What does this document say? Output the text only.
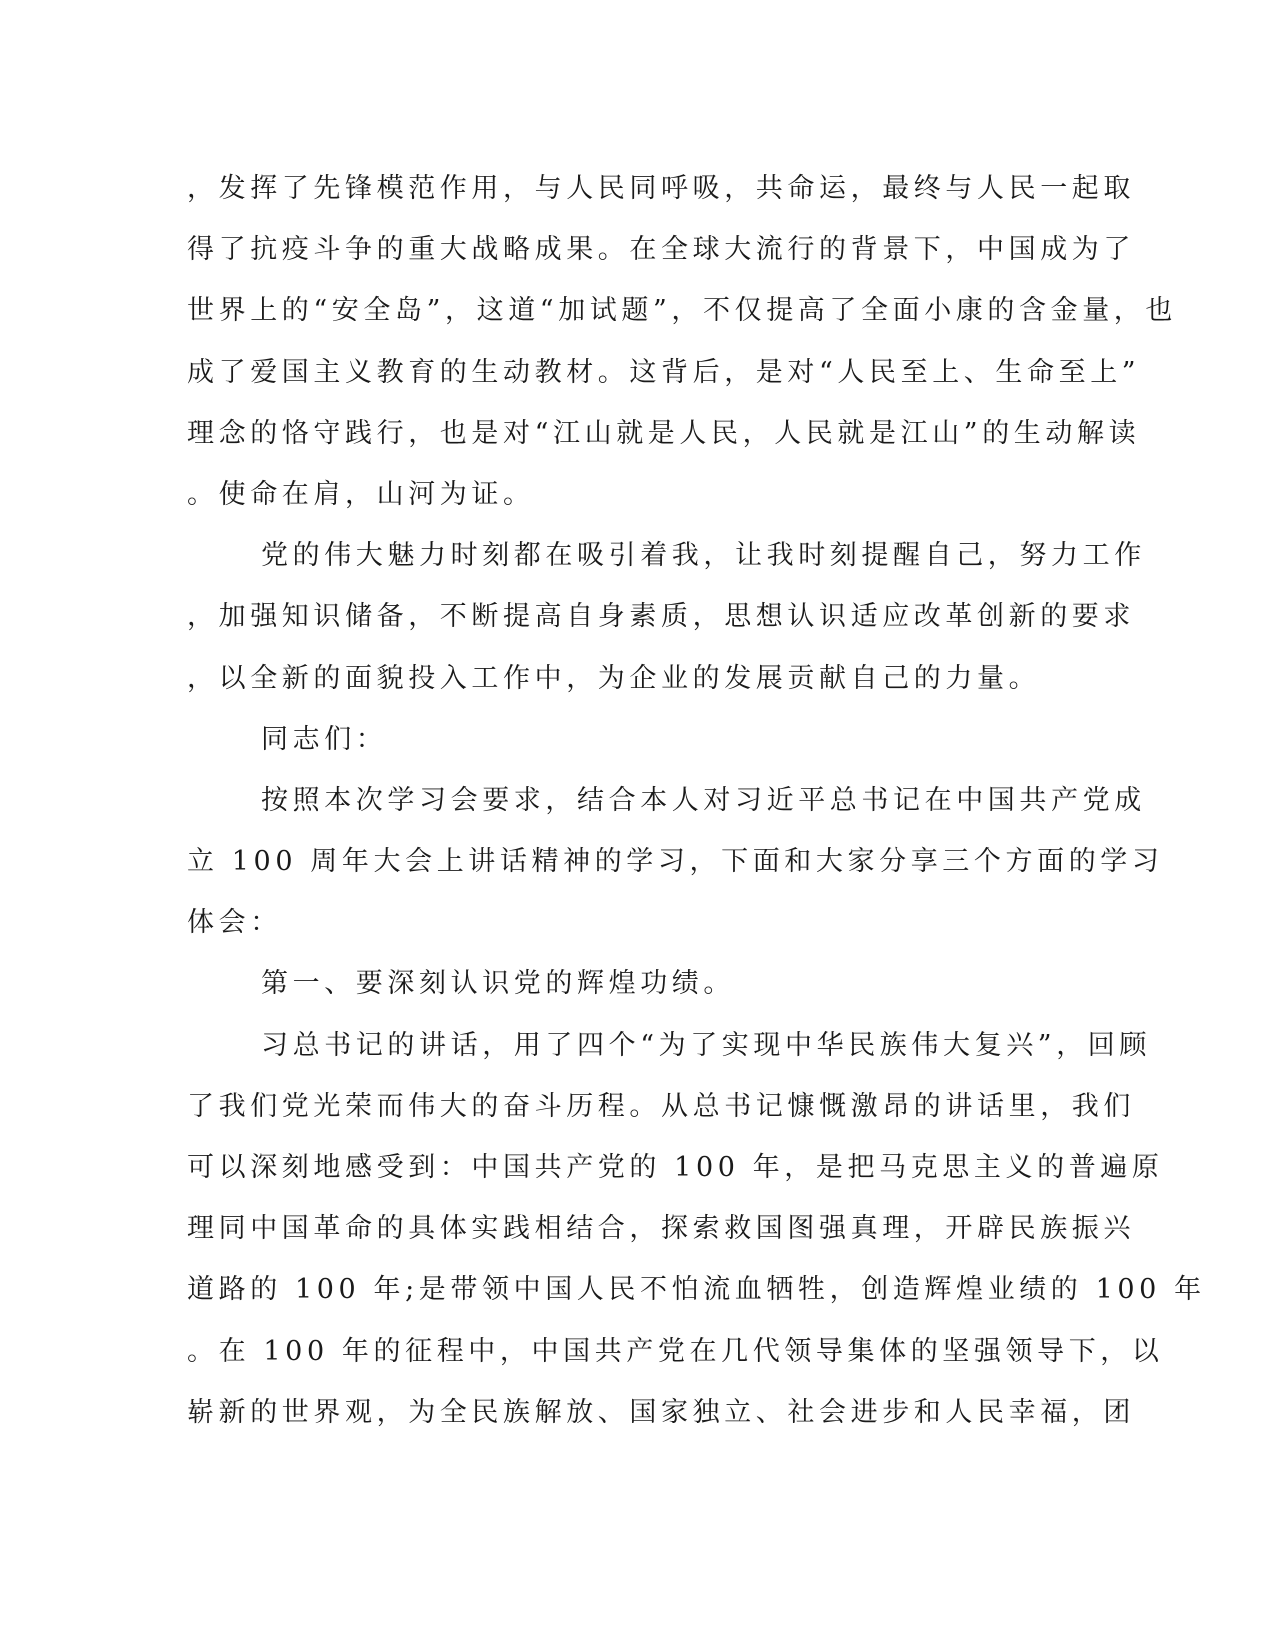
，发挥了先锋模范作用，与人民同呼吸，共命运，最终与人民一起取
得了抗疫斗争的重大战略成果。在全球大流行的背景下，中国成为了
世界上的“安全岛”，这道“加试题”，不仅提高了全面小康的含金量，也
成了爱国主义教育的生动教材。这背后，是对“人民至上、生命至上”
理念的恪守践行，也是对“江山就是人民，人民就是江山”的生动解读
。使命在肩，山河为证。
党的伟大魅力时刻都在吸引着我，让我时刻提醒自己，努力工作
，加强知识储备，不断提高自身素质，思想认识适应改革创新的要求
，以全新的面貌投入工作中，为企业的发展贡献自己的力量。
同志们：
按照本次学习会要求，结合本人对习近平总书记在中国共产党成
立 100 周年大会上讲话精神的学习，下面和大家分享三个方面的学习
体会：
第一、要深刻认识党的辉煌功绩。
习总书记的讲话，用了四个“为了实现中华民族伟大复兴”，回顾
了我们党光荣而伟大的奋斗历程。从总书记慷慨激昂的讲话里，我们
可以深刻地感受到：中国共产党的 100 年，是把马克思主义的普遍原
理同中国革命的具体实践相结合，探索救国图强真理，开辟民族振兴
道路的 100 年;是带领中国人民不怕流血牺牲，创造辉煌业绩的 100 年
。在 100 年的征程中，中国共产党在几代领导集体的坚强领导下，以
崭新的世界观，为全民族解放、国家独立、社会进步和人民幸福，团
